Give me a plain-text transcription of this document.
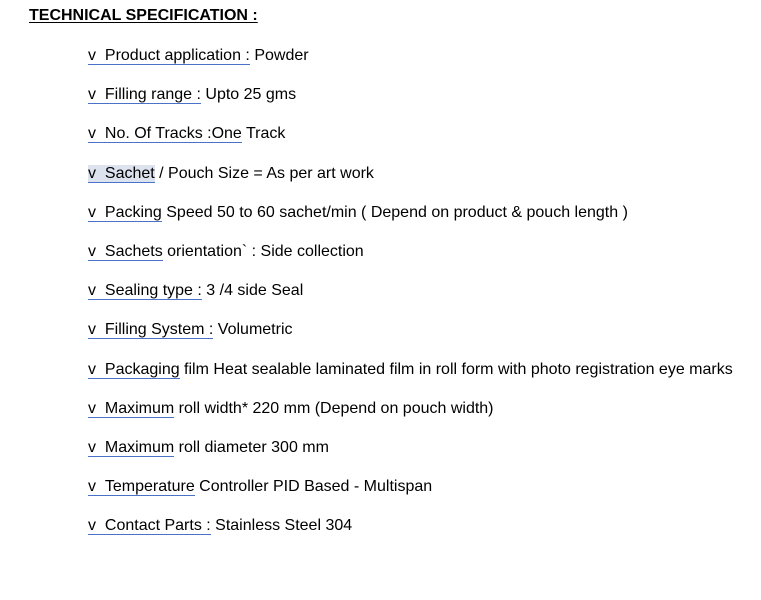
TECHNICAL SPECIFICATION :
v Product application : Powder
v Filling range : Upto 25 gms
v No. Of Tracks :One Track
v Sachet / Pouch Size = As per art work
v Packing Speed 50 to 60 sachet/min ( Depend on product & pouch length )
v Sachets orientation` : Side collection
v Sealing type : 3 /4 side Seal
v Filling System : Volumetric
v Packaging film Heat sealable laminated film in roll form with photo registration eye marks
v Maximum roll width* 220 mm (Depend on pouch width)
v Maximum roll diameter 300 mm
v Temperature Controller PID Based - Multispan
v Contact Parts : Stainless Steel 304
